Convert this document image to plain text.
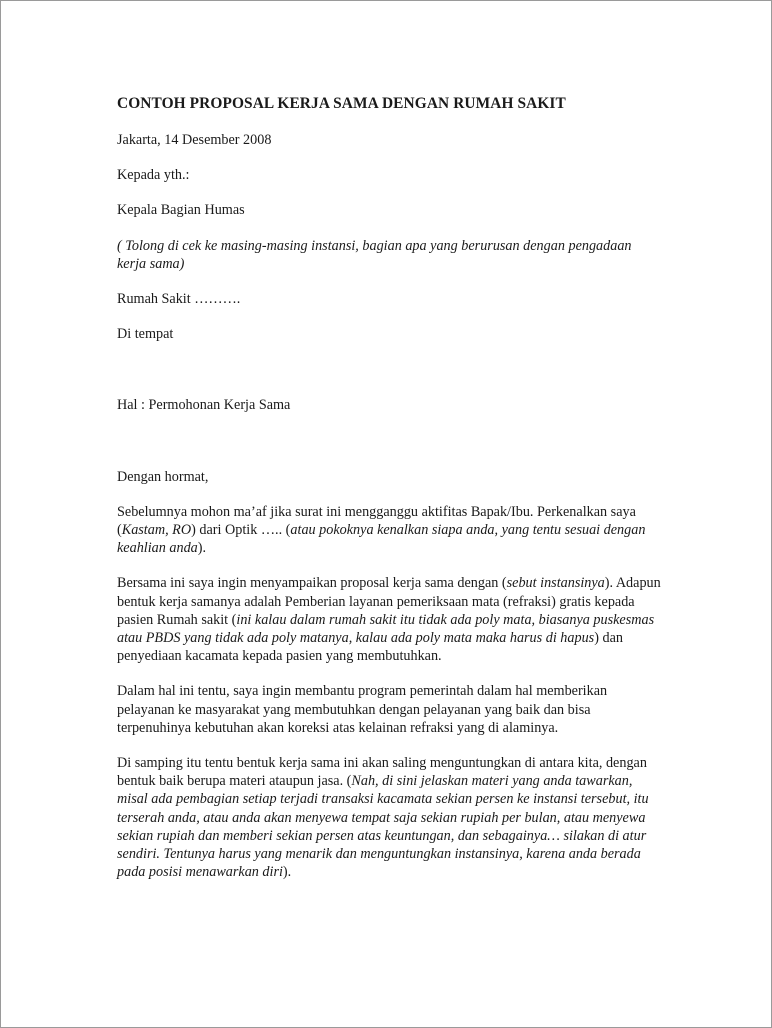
CONTOH PROPOSAL KERJA SAMA DENGAN RUMAH SAKIT

Jakarta, 14 Desember 2008

Kepada yth.:

Kepala Bagian Humas

( Tolong di cek ke masing-masing instansi, bagian apa yang berurusan dengan pengadaan kerja sama)

Rumah Sakit ……….

Di tempat

Hal : Permohonan Kerja Sama

Dengan hormat,

Sebelumnya mohon ma’af jika surat ini mengganggu aktifitas Bapak/Ibu. Perkenalkan saya (Kastam, RO) dari Optik ….. (atau pokoknya kenalkan siapa anda, yang tentu sesuai dengan keahlian anda).

Bersama ini saya ingin menyampaikan proposal kerja sama dengan (sebut instansinya). Adapun bentuk kerja samanya adalah Pemberian layanan pemeriksaan mata (refraksi) gratis kepada pasien Rumah sakit (ini kalau dalam rumah sakit itu tidak ada poly mata, biasanya puskesmas atau PBDS yang tidak ada poly matanya, kalau ada poly mata maka harus di hapus) dan penyediaan kacamata kepada pasien yang membutuhkan.

Dalam hal ini tentu, saya ingin membantu program pemerintah dalam hal memberikan pelayanan ke masyarakat yang membutuhkan dengan pelayanan yang baik dan bisa terpenuhinya kebutuhan akan koreksi atas kelainan refraksi yang di alaminya.

Di samping itu tentu bentuk kerja sama ini akan saling menguntungkan di antara kita, dengan bentuk baik berupa materi ataupun jasa. (Nah, di sini jelaskan materi yang anda tawarkan, misal ada pembagian setiap terjadi transaksi kacamata sekian persen ke instansi tersebut, itu terserah anda, atau anda akan menyewa tempat saja sekian rupiah per bulan, atau menyewa sekian rupiah dan memberi sekian persen atas keuntungan, dan sebagainya… silakan di atur sendiri. Tentunya harus yang menarik dan menguntungkan instansinya, karena anda berada pada posisi menawarkan diri).
